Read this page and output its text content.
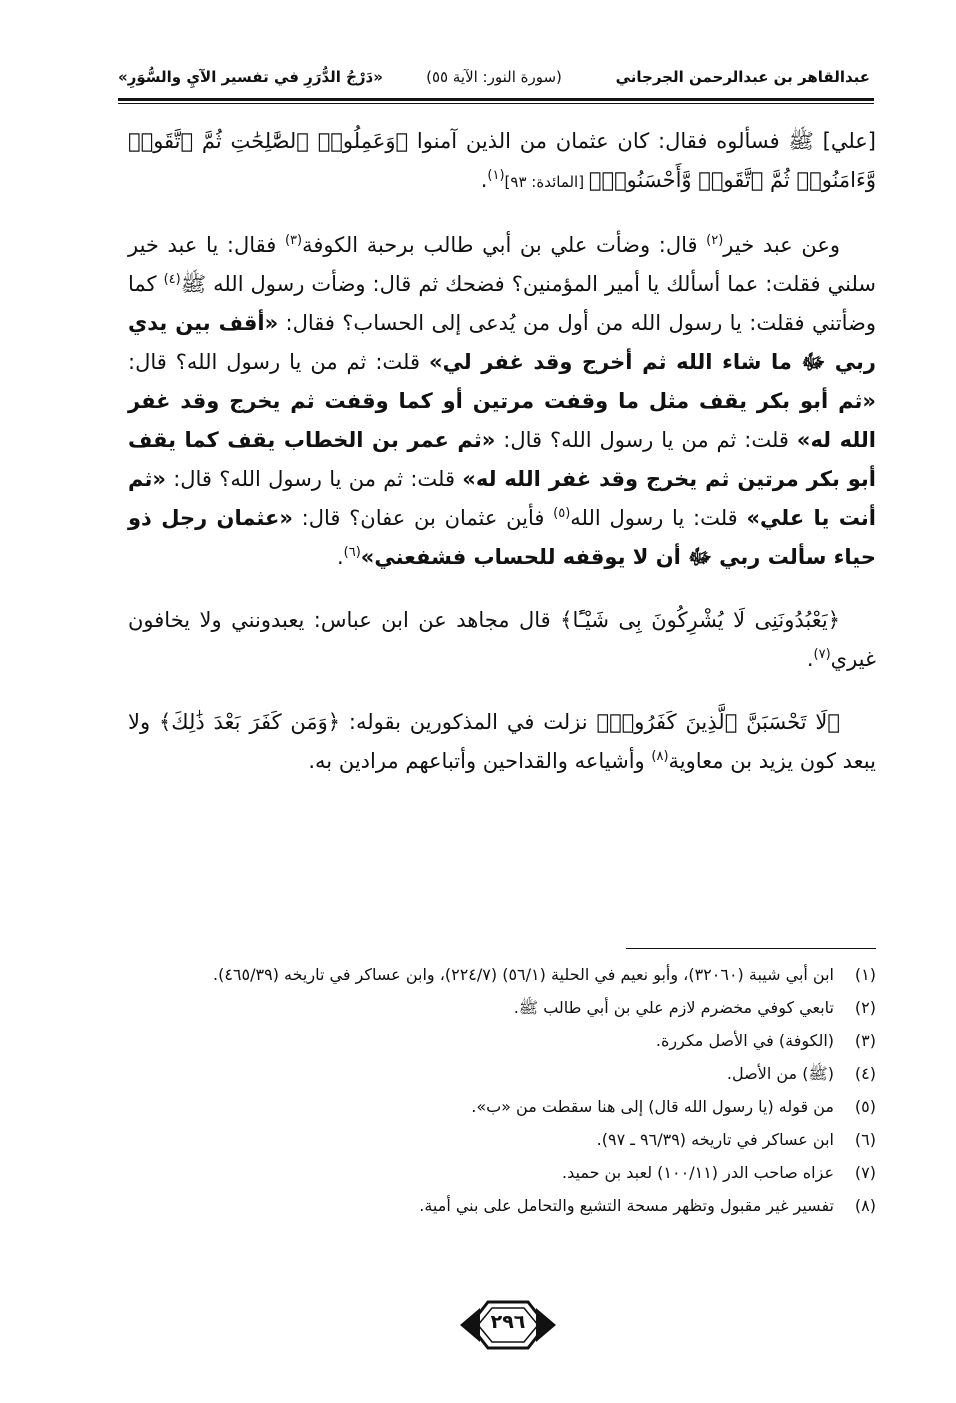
عبدالقاهر بن عبدالرحمن الجرجاني
(سورة النور: الآية ٥٥)
«دَرْجُ الدُّرَرِ في تفسير الآيِ والسُّوَرِ»

[علي] ﷺ فسألوه فقال: كان عثمان من الذين آمنوا ﴿وَعَمِلُوا۟ ٱلصَّٰلِحَٰتِ ثُمَّ ٱتَّقَوا۟ وَّءَامَنُوا۟ ثُمَّ ٱتَّقَوا۟ وَّأَحْسَنُوا۟﴾ [المائدة: ٩٣]$^{(١)}$.

وعن عبد خير$^{(٢)}$ قال: وضأت علي بن أبي طالب برحبة الكوفة$^{(٣)}$ فقال: يا عبد خير سلني فقلت: عما أسألك يا أمير المؤمنين؟ فضحك ثم قال: وضأت رسول الله ﷺ$^{(٤)}$ كما وضأتني فقلت: يا رسول الله من أول من يُدعى إلى الحساب؟ فقال: «أقف بين يدي ربي ﷻ ما شاء الله ثم أخرج وقد غفر لي» قلت: ثم من يا رسول الله؟ قال: «ثم أبو بكر يقف مثل ما وقفت مرتين أو كما وقفت ثم يخرج وقد غفر الله له» قلت: ثم من يا رسول الله؟ قال: «ثم عمر بن الخطاب يقف كما يقف أبو بكر مرتين ثم يخرج وقد غفر الله له» قلت: ثم من يا رسول الله؟ قال: «ثم أنت يا علي» قلت: يا رسول الله$^{(٥)}$ فأين عثمان بن عفان؟ قال: «عثمان رجل ذو حياء سألت ربي ﷻ أن لا يوقفه للحساب فشفعني»$^{(٦)}$.

﴿يَعْبُدُونَنِى لَا يُشْرِكُونَ بِى شَيْـًٔا﴾ قال مجاهد عن ابن عباس: يعبدونني ولا يخافون غيري$^{(٧)}$.

﴿لَا تَحْسَبَنَّ ٱلَّذِينَ كَفَرُوا۟﴾ نزلت في المذكورين بقوله: ﴿وَمَن كَفَرَ بَعْدَ ذَٰلِكَ﴾ ولا يبعد كون يزيد بن معاوية$^{(٨)}$ وأشياعه والقداحين وأتباعهم مرادين به.

(١)
ابن أبي شيبة (٣٢٠٦٠)، وأبو نعيم في الحلية (٥٦/١) (٢٢٤/٧)، وابن عساكر في تاريخه (٤٦٥/٣٩).
(٢)
تابعي كوفي مخضرم لازم علي بن أبي طالب ﷺ.
(٣)
(الكوفة) في الأصل مكررة.
(٤)
(ﷺ) من الأصل.
(٥)
من قوله (يا رسول الله قال) إلى هنا سقطت من «ب».
(٦)
ابن عساكر في تاريخه (٩٦/٣٩ ـ ٩٧).
(٧)
عزاه صاحب الدر (١٠٠/١١) لعبد بن حميد.
(٨)
تفسير غير مقبول وتظهر مسحة التشيع والتحامل على بني أمية.
٢٩٦
